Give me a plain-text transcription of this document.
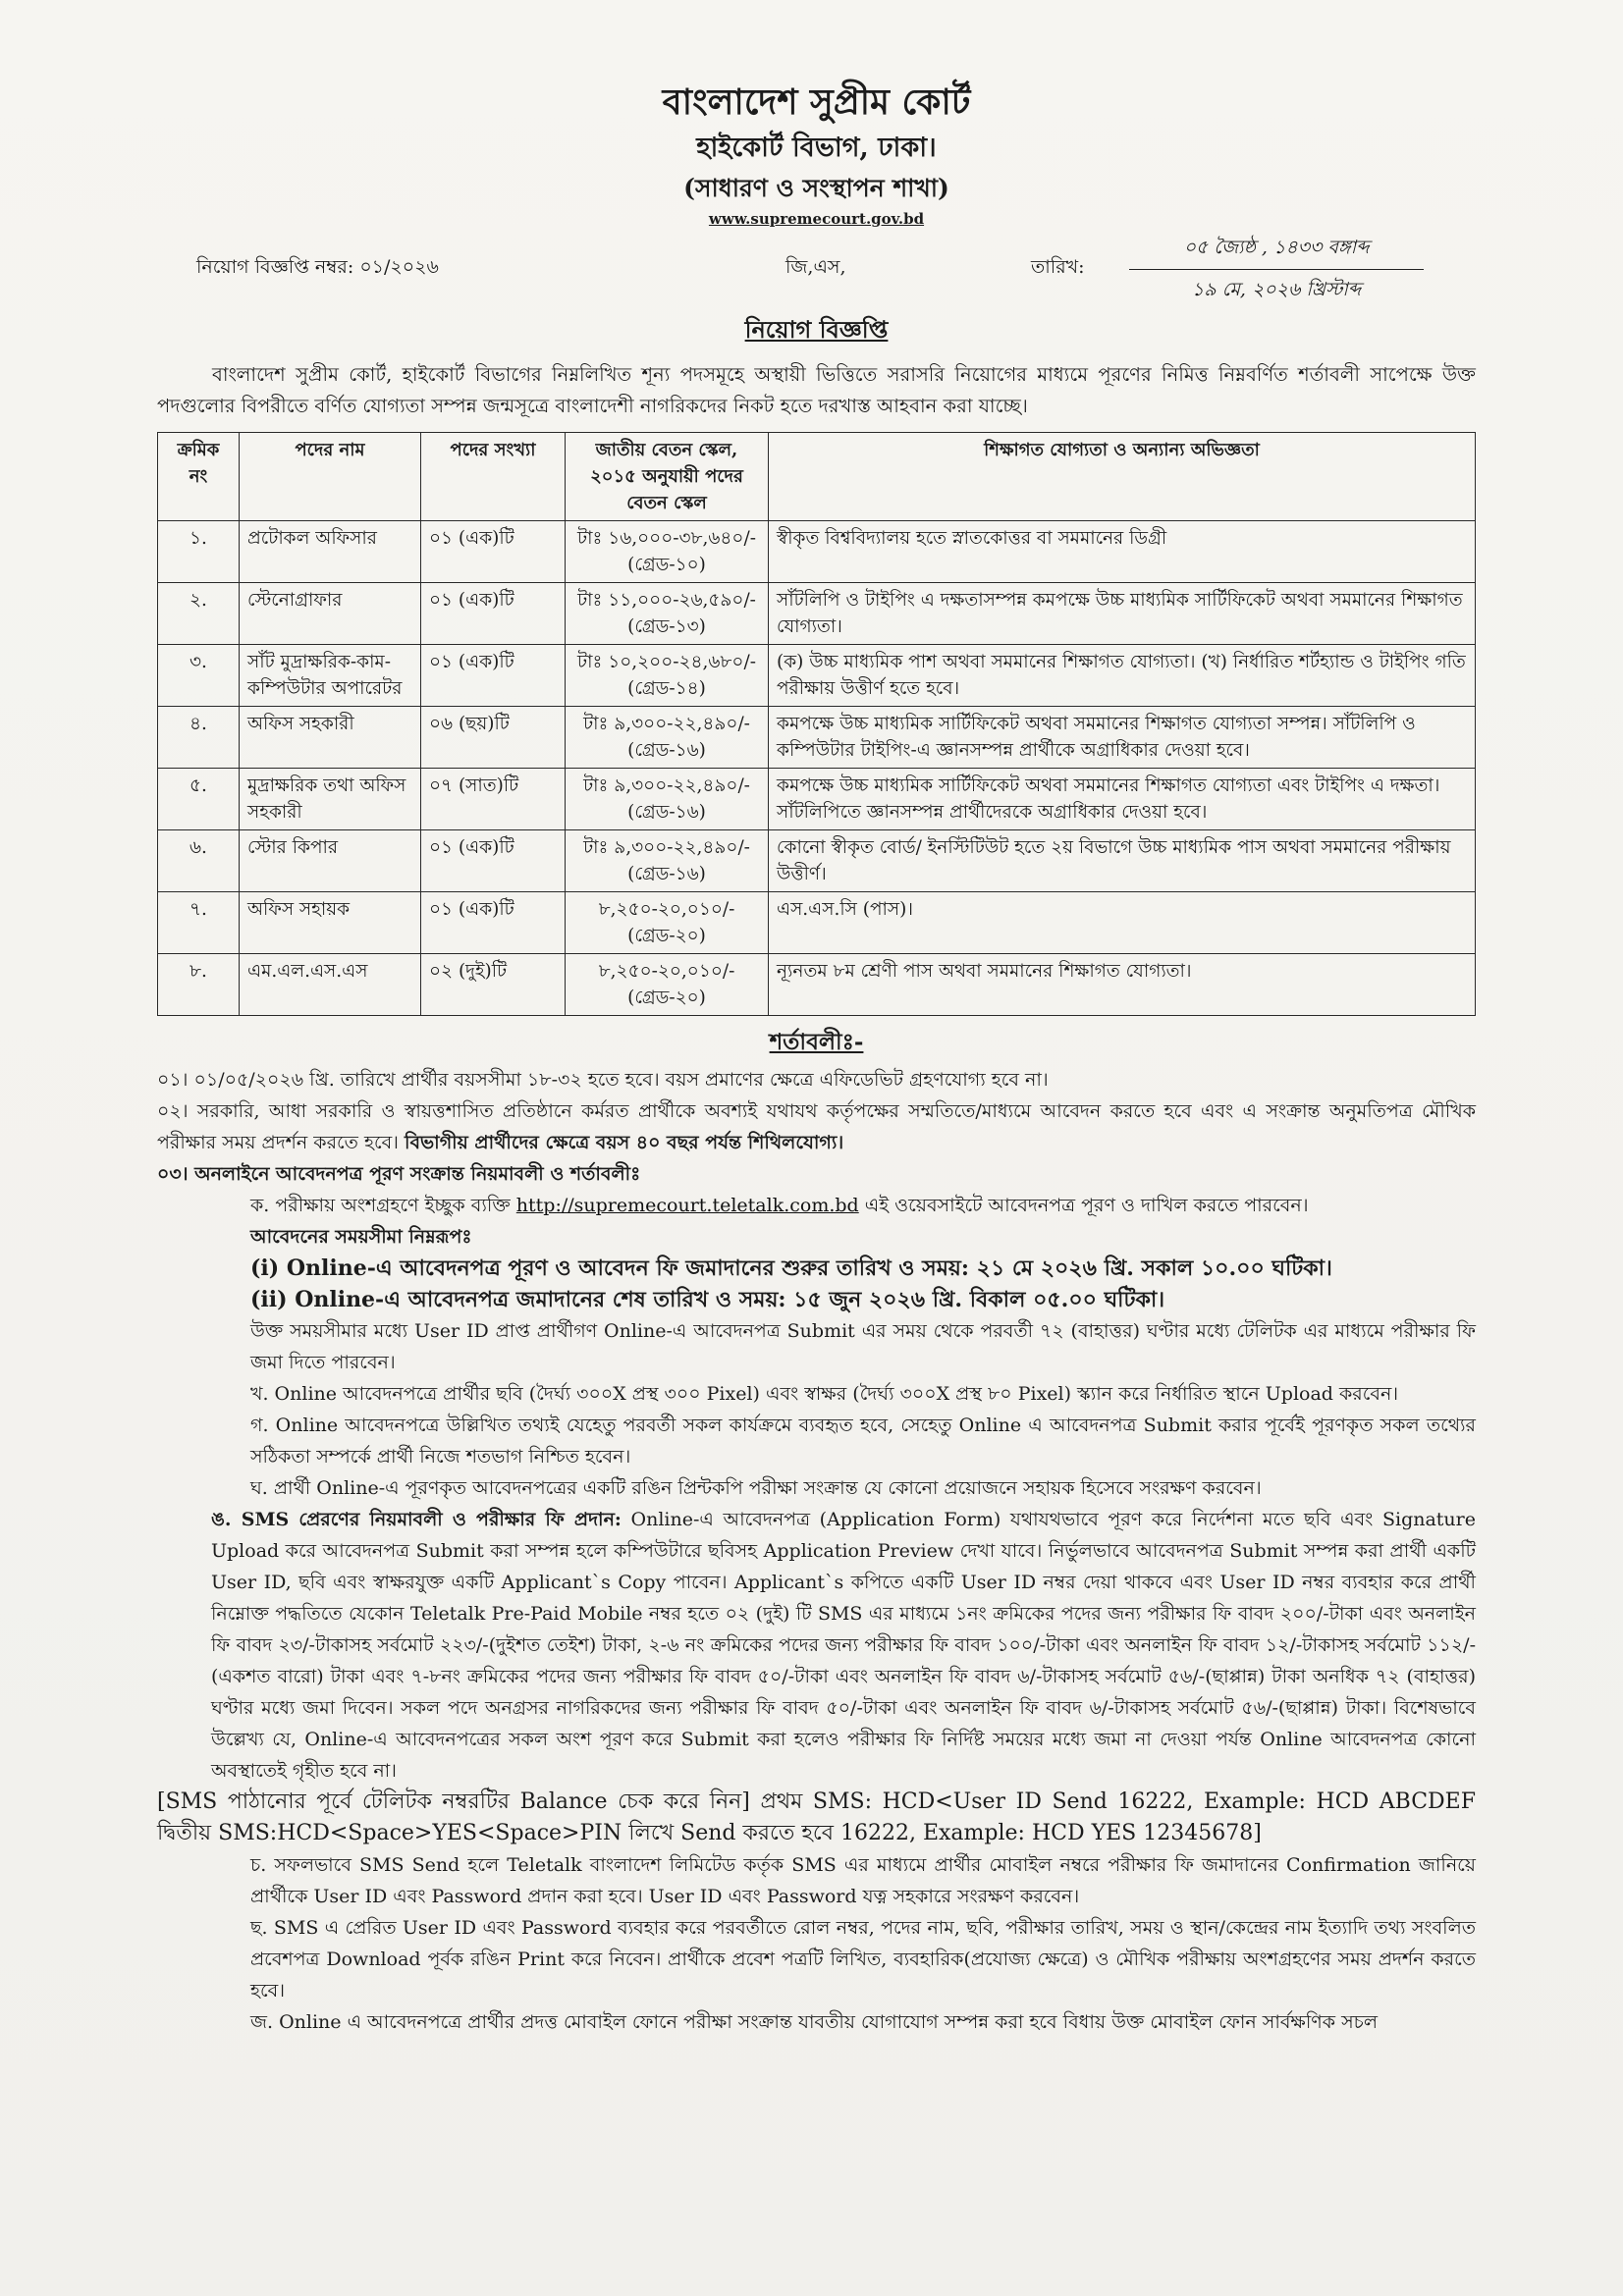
বাংলাদেশ সুপ্রীম কোর্ট
হাইকোর্ট বিভাগ, ঢাকা।
(সাধারণ ও সংস্থাপন শাখা)
www.supremecourt.gov.bd
নিয়োগ বিজ্ঞপ্তি নম্বর: ০১/২০২৬	জি,এস,	তারিখ:
০৫ জ্যৈষ্ঠ , ১৪৩৩ বঙ্গাব্দ
১৯ মে, ২০২৬ খ্রিস্টাব্দ
নিয়োগ বিজ্ঞপ্তি
বাংলাদেশ সুপ্রীম কোর্ট, হাইকোর্ট বিভাগের নিম্নলিখিত শূন্য পদসমূহে অস্থায়ী ভিত্তিতে সরাসরি নিয়োগের মাধ্যমে পূরণের নিমিত্ত নিম্নবর্ণিত শর্তাবলী সাপেক্ষে উক্ত পদগুলোর বিপরীতে বর্ণিত যোগ্যতা সম্পন্ন জন্মসূত্রে বাংলাদেশী নাগরিকদের নিকট হতে দরখাস্ত আহবান করা যাচ্ছে।
ক্রমিক নং	পদের নাম	পদের সংখ্যা	জাতীয় বেতন স্কেল, ২০১৫ অনুযায়ী পদের বেতন স্কেল	শিক্ষাগত যোগ্যতা ও অন্যান্য অভিজ্ঞতা
১.	প্রটোকল অফিসার	০১ (এক)টি	টাঃ ১৬,০০০-৩৮,৬৪০/-
(গ্রেড-১০)	স্বীকৃত বিশ্ববিদ্যালয় হতে স্নাতকোত্তর বা সমমানের ডিগ্রী
২.	স্টেনোগ্রাফার	০১ (এক)টি	টাঃ ১১,০০০-২৬,৫৯০/-
(গ্রেড-১৩)	সাঁটলিপি ও টাইপিং এ দক্ষতাসম্পন্ন কমপক্ষে উচ্চ মাধ্যমিক সার্টিফিকেট অথবা সমমানের শিক্ষাগত যোগ্যতা।
৩.	সাঁট মুদ্রাক্ষরিক-কাম-কম্পিউটার অপারেটর	০১ (এক)টি	টাঃ ১০,২০০-২৪,৬৮০/-
(গ্রেড-১৪)	(ক) উচ্চ মাধ্যমিক পাশ অথবা সমমানের শিক্ষাগত যোগ্যতা। (খ) নির্ধারিত শর্টহ্যান্ড ও টাইপিং গতি পরীক্ষায় উত্তীর্ণ হতে হবে।
৪.	অফিস সহকারী	০৬ (ছয়)টি	টাঃ ৯,৩০০-২২,৪৯০/-
(গ্রেড-১৬)	কমপক্ষে উচ্চ মাধ্যমিক সার্টিফিকেট অথবা সমমানের শিক্ষাগত যোগ্যতা সম্পন্ন। সাঁটলিপি ও কম্পিউটার টাইপিং-এ জ্ঞানসম্পন্ন প্রার্থীকে অগ্রাধিকার দেওয়া হবে।
৫.	মুদ্রাক্ষরিক তথা অফিস সহকারী	০৭ (সাত)টি	টাঃ ৯,৩০০-২২,৪৯০/-
(গ্রেড-১৬)	কমপক্ষে উচ্চ মাধ্যমিক সার্টিফিকেট অথবা সমমানের শিক্ষাগত যোগ্যতা এবং টাইপিং এ দক্ষতা। সাঁটলিপিতে জ্ঞানসম্পন্ন প্রার্থীদেরকে অগ্রাধিকার দেওয়া হবে।
৬.	স্টোর কিপার	০১ (এক)টি	টাঃ ৯,৩০০-২২,৪৯০/-
(গ্রেড-১৬)	কোনো স্বীকৃত বোর্ড/ ইনস্টিটিউট হতে ২য় বিভাগে উচ্চ মাধ্যমিক পাস অথবা সমমানের পরীক্ষায় উত্তীর্ণ।
৭.	অফিস সহায়ক	০১ (এক)টি	৮,২৫০-২০,০১০/-
(গ্রেড-২০)	এস.এস.সি (পাস)।
৮.	এম.এল.এস.এস	০২ (দুই)টি	৮,২৫০-২০,০১০/-
(গ্রেড-২০)	ন্যূনতম ৮ম শ্রেণী পাস অথবা সমমানের শিক্ষাগত যোগ্যতা।
শর্তাবলীঃ-

০১। ০১/০৫/২০২৬ খ্রি. তারিখে প্রার্থীর বয়সসীমা ১৮-৩২ হতে হবে। বয়স প্রমাণের ক্ষেত্রে এফিডেভিট গ্রহণযোগ্য হবে না।

০২। সরকারি, আধা সরকারি ও স্বায়ত্তশাসিত প্রতিষ্ঠানে কর্মরত প্রার্থীকে অবশ্যই যথাযথ কর্তৃপক্ষের সম্মতিতে/মাধ্যমে আবেদন করতে হবে এবং এ সংক্রান্ত অনুমতিপত্র মৌখিক পরীক্ষার সময় প্রদর্শন করতে হবে। বিভাগীয় প্রার্থীদের ক্ষেত্রে বয়স ৪০ বছর পর্যন্ত শিথিলযোগ্য।

০৩। অনলাইনে আবেদনপত্র পূরণ সংক্রান্ত নিয়মাবলী ও শর্তাবলীঃ

ক. পরীক্ষায় অংশগ্রহণে ইচ্ছুক ব্যক্তি http://supremecourt.teletalk.com.bd এই ওয়েবসাইটে আবেদনপত্র পূরণ ও দাখিল করতে পারবেন।

আবেদনের সময়সীমা নিম্নরূপঃ

(i) Online-এ আবেদনপত্র পূরণ ও আবেদন ফি জমাদানের শুরুর তারিখ ও সময়: ২১ মে ২০২৬ খ্রি. সকাল ১০.০০ ঘটিকা।

(ii) Online-এ আবেদনপত্র জমাদানের শেষ তারিখ ও সময়: ১৫ জুন ২০২৬ খ্রি. বিকাল ০৫.০০ ঘটিকা।

উক্ত সময়সীমার মধ্যে User ID প্রাপ্ত প্রার্থীগণ Online-এ আবেদনপত্র Submit এর সময় থেকে পরবর্তী ৭২ (বাহাত্তর) ঘণ্টার মধ্যে টেলিটক এর মাধ্যমে পরীক্ষার ফি জমা দিতে পারবেন।

খ. Online আবেদনপত্রে প্রার্থীর ছবি (দৈর্ঘ্য ৩০০X প্রস্থ ৩০০ Pixel) এবং স্বাক্ষর (দৈর্ঘ্য ৩০০X প্রস্থ ৮০ Pixel) স্ক্যান করে নির্ধারিত স্থানে Upload করবেন।

গ. Online আবেদনপত্রে উল্লিখিত তথ্যই যেহেতু পরবর্তী সকল কার্যক্রমে ব্যবহৃত হবে, সেহেতু Online এ আবেদনপত্র Submit করার পূর্বেই পূরণকৃত সকল তথ্যের সঠিকতা সম্পর্কে প্রার্থী নিজে শতভাগ নিশ্চিত হবেন।

ঘ. প্রার্থী Online-এ পূরণকৃত আবেদনপত্রের একটি রঙিন প্রিন্টকপি পরীক্ষা সংক্রান্ত যে কোনো প্রয়োজনে সহায়ক হিসেবে সংরক্ষণ করবেন।

ঙ. SMS প্রেরণের নিয়মাবলী ও পরীক্ষার ফি প্রদান: Online-এ আবেদনপত্র (Application Form) যথাযথভাবে পূরণ করে নির্দেশনা মতে ছবি এবং Signature Upload করে আবেদনপত্র Submit করা সম্পন্ন হলে কম্পিউটারে ছবিসহ Application Preview দেখা যাবে। নির্ভুলভাবে আবেদনপত্র Submit সম্পন্ন করা প্রার্থী একটি User ID, ছবি এবং স্বাক্ষরযুক্ত একটি Applicant`s Copy পাবেন। Applicant`s কপিতে একটি User ID নম্বর দেয়া থাকবে এবং User ID নম্বর ব্যবহার করে প্রার্থী নিম্নোক্ত পদ্ধতিতে যেকোন Teletalk Pre-Paid Mobile নম্বর হতে ০২ (দুই) টি SMS এর মাধ্যমে ১নং ক্রমিকের পদের জন্য পরীক্ষার ফি বাবদ ২০০/-টাকা এবং অনলাইন ফি বাবদ ২৩/-টাকাসহ সর্বমোট ২২৩/-(দুইশত তেইশ) টাকা, ২-৬ নং ক্রমিকের পদের জন্য পরীক্ষার ফি বাবদ ১০০/-টাকা এবং অনলাইন ফি বাবদ ১২/-টাকাসহ সর্বমোট ১১২/-(একশত বারো) টাকা এবং ৭-৮নং ক্রমিকের পদের জন্য পরীক্ষার ফি বাবদ ৫০/-টাকা এবং অনলাইন ফি বাবদ ৬/-টাকাসহ সর্বমোট ৫৬/-(ছাপ্পান্ন) টাকা অনধিক ৭২ (বাহাত্তর) ঘণ্টার মধ্যে জমা দিবেন। সকল পদে অনগ্রসর নাগরিকদের জন্য পরীক্ষার ফি বাবদ ৫০/-টাকা এবং অনলাইন ফি বাবদ ৬/-টাকাসহ সর্বমোট ৫৬/-(ছাপ্পান্ন) টাকা। বিশেষভাবে উল্লেখ্য যে, Online-এ আবেদনপত্রের সকল অংশ পূরণ করে Submit করা হলেও পরীক্ষার ফি নির্দিষ্ট সময়ের মধ্যে জমা না দেওয়া পর্যন্ত Online আবেদনপত্র কোনো অবস্থাতেই গৃহীত হবে না।

[SMS পাঠানোর পূর্বে টেলিটক নম্বরটির Balance চেক করে নিন] প্রথম SMS: HCD<User ID Send 16222, Example: HCD ABCDEF দ্বিতীয় SMS:HCD<Space>YES<Space>PIN লিখে Send করতে হবে 16222, Example: HCD YES 12345678]

চ. সফলভাবে SMS Send হলে Teletalk বাংলাদেশ লিমিটেড কর্তৃক SMS এর মাধ্যমে প্রার্থীর মোবাইল নম্বরে পরীক্ষার ফি জমাদানের Confirmation জানিয়ে প্রার্থীকে User ID এবং Password প্রদান করা হবে। User ID এবং Password যত্ন সহকারে সংরক্ষণ করবেন।

ছ. SMS এ প্রেরিত User ID এবং Password ব্যবহার করে পরবর্তীতে রোল নম্বর, পদের নাম, ছবি, পরীক্ষার তারিখ, সময় ও স্থান/কেন্দ্রের নাম ইত্যাদি তথ্য সংবলিত প্রবেশপত্র Download পূর্বক রঙিন Print করে নিবেন। প্রার্থীকে প্রবেশ পত্রটি লিখিত, ব্যবহারিক(প্রযোজ্য ক্ষেত্রে) ও মৌখিক পরীক্ষায় অংশগ্রহণের সময় প্রদর্শন করতে হবে।

জ. Online এ আবেদনপত্রে প্রার্থীর প্রদত্ত মোবাইল ফোনে পরীক্ষা সংক্রান্ত যাবতীয় যোগাযোগ সম্পন্ন করা হবে বিধায় উক্ত মোবাইল ফোন সার্বক্ষণিক সচল
